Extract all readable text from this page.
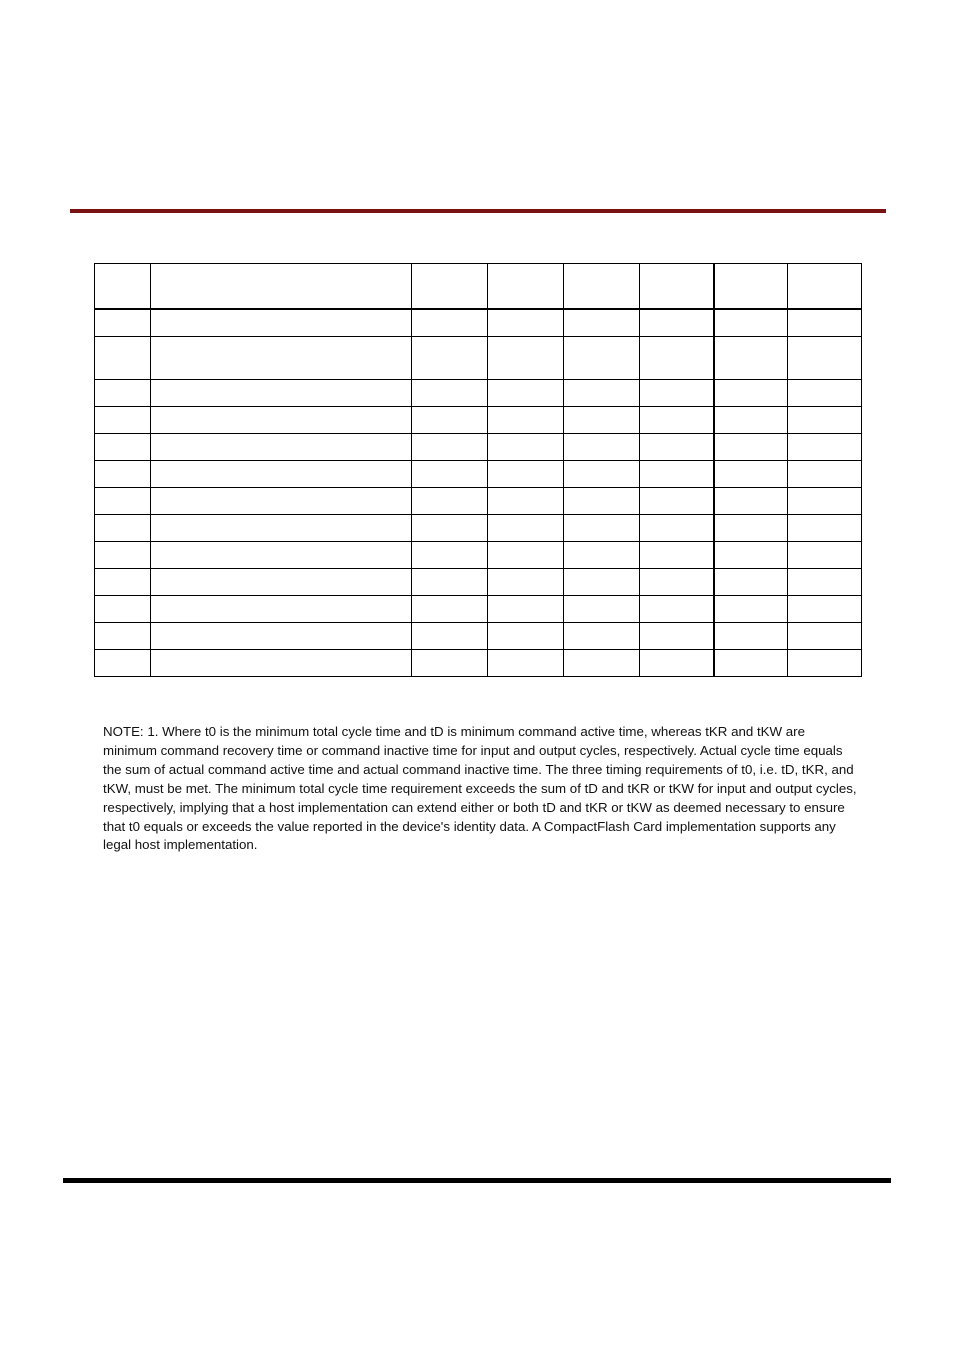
NOTE: 1. Where t0 is the minimum total cycle time and tD is minimum command active time, whereas tKR and tKW are
minimum command recovery time or command inactive time for input and output cycles, respectively. Actual cycle time equals
the sum of actual command active time and actual command inactive time. The three timing requirements of t0, i.e. tD, tKR, and
tKW, must be met. The minimum total cycle time requirement exceeds the sum of tD and tKR or tKW for input and output cycles,
respectively, implying that a host implementation can extend either or both tD and tKR or tKW as deemed necessary to ensure
that t0 equals or exceeds the value reported in the device's identity data. A CompactFlash Card implementation supports any
legal host implementation.
